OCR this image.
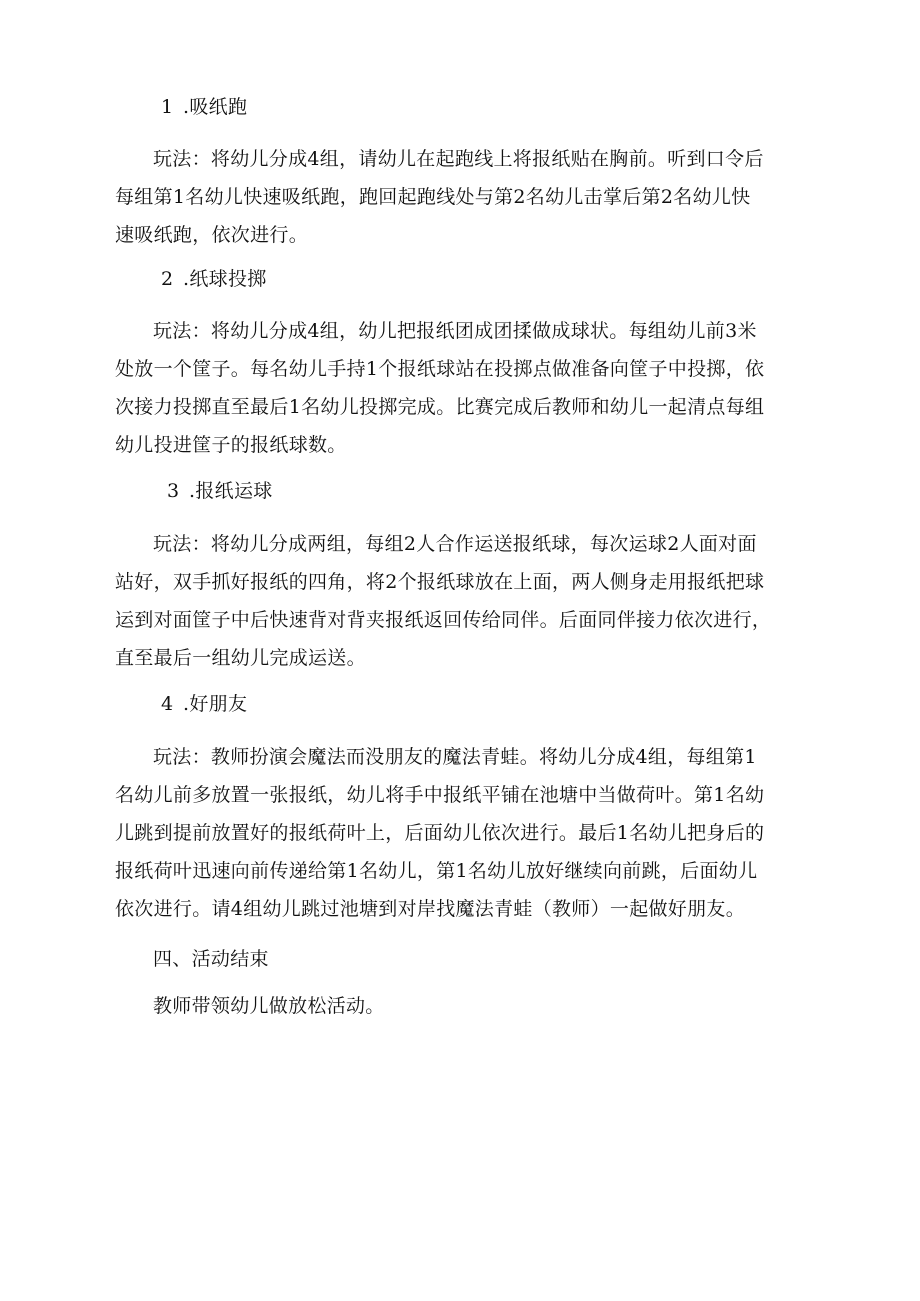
1 .吸纸跑
玩法：将幼儿分成4组，请幼儿在起跑线上将报纸贴在胸前。听到口令后
每组第1名幼儿快速吸纸跑，跑回起跑线处与第2名幼儿击掌后第2名幼儿快
速吸纸跑，依次进行。
2 .纸球投掷
玩法：将幼儿分成4组，幼儿把报纸团成团揉做成球状。每组幼儿前3米
处放一个筐子。每名幼儿手持1个报纸球站在投掷点做准备向筐子中投掷，依
次接力投掷直至最后1名幼儿投掷完成。比赛完成后教师和幼儿一起清点每组
幼儿投进筐子的报纸球数。
3 .报纸运球
玩法：将幼儿分成两组，每组2人合作运送报纸球，每次运球2人面对面
站好，双手抓好报纸的四角，将2个报纸球放在上面，两人侧身走用报纸把球
运到对面筐子中后快速背对背夹报纸返回传给同伴。后面同伴接力依次进行，
直至最后一组幼儿完成运送。
4 .好朋友
玩法：教师扮演会魔法而没朋友的魔法青蛙。将幼儿分成4组，每组第1
名幼儿前多放置一张报纸，幼儿将手中报纸平铺在池塘中当做荷叶。第1名幼
儿跳到提前放置好的报纸荷叶上，后面幼儿依次进行。最后1名幼儿把身后的
报纸荷叶迅速向前传递给第1名幼儿，第1名幼儿放好继续向前跳，后面幼儿
依次进行。请4组幼儿跳过池塘到对岸找魔法青蛙（教师）一起做好朋友。
四、活动结束
教师带领幼儿做放松活动。
